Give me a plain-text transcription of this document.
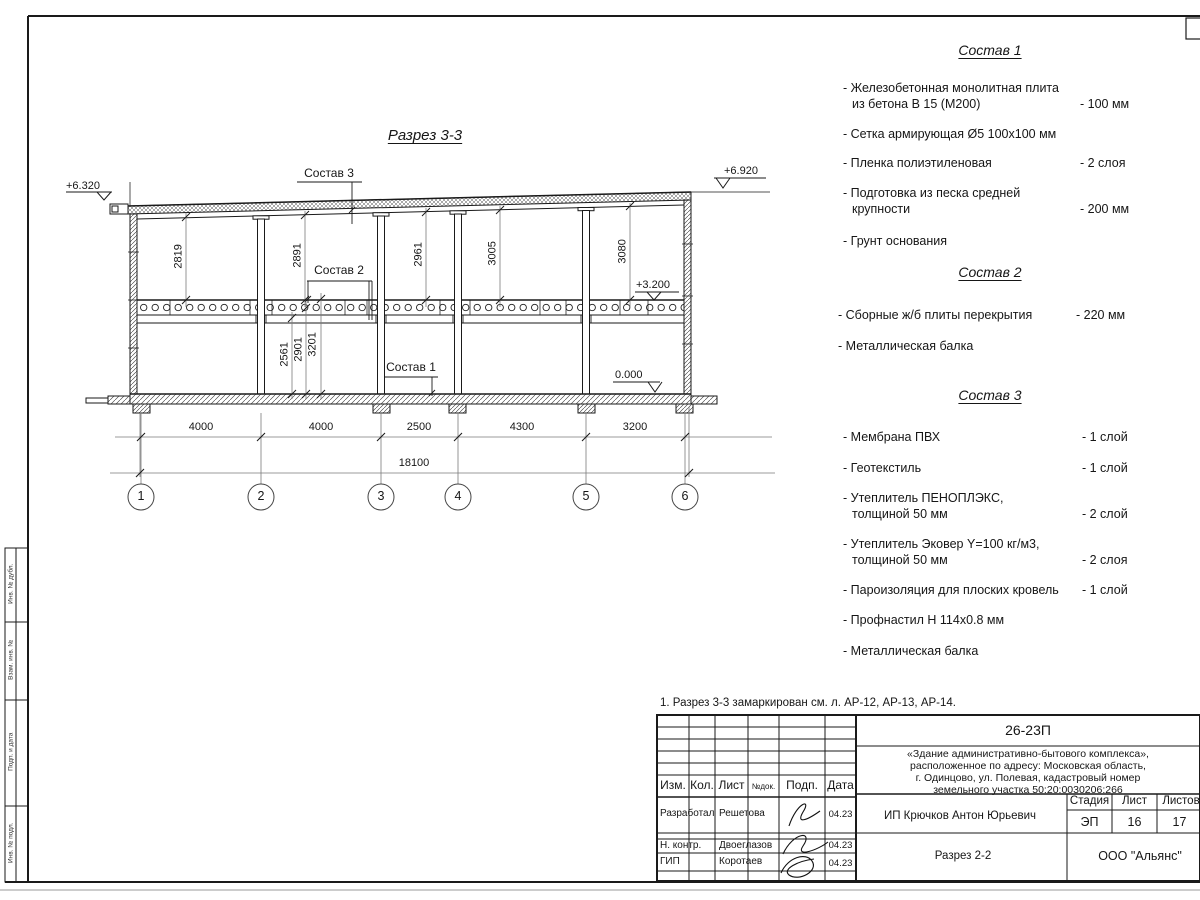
Разрез 3-3
+6.320
+6.920
+3.200
0.000
Состав 3
Состав 2
Состав 1
2819	2891	2961	3005	3080
2561 2901 3201
4000	4000	2500	4300	3200
18100
1	2	3	4	5	6
Состав 1
- Железобетонная монолитная плита
из бетона В 15 (М200)	- 100 мм
- Сетка армирующая Ø5 100х100 мм
- Пленка полиэтиленовая	- 2 слоя
- Подготовка из песка средней
крупности	- 200 мм
- Грунт основания
Состав 2
- Сборные ж/б плиты перекрытия	- 220 мм
- Металлическая балка
Состав 3
- Мембрана ПВХ	- 1 слой
- Геотекстиль	- 1 слой
- Утеплитель ПЕНОПЛЭКС,
толщиной 50 мм	- 2 слой
- Утеплитель Эковер Y=100 кг/м3,
толщиной 50 мм	- 2 слоя
- Пароизоляция для плоских кровель - 1 слой
- Профнастил Н 114х0.8 мм
- Металлическая балка
1. Разрез 3-3 замаркирован см. л. АР-12, АР-13, АР-14.
Изм. Кол. Лист №док. Подп. Дата
Разработал Решетова	04.23
Н. контр. Двоеглазов	04.23
ГИП	Коротаев	04.23
26-23П
«Здание административно-бытового комплекса»,
расположенное по адресу: Московская область,
г. Одинцово, ул. Полевая, кадастровый номер
земельного участка 50:20:0030206:266
ИП Крючков Антон Юрьевич
Стадия	Лист	Листов
ЭП	16	17
Разрез 2-2	ООО "Альянс"
Инв. № дубл.
Взам. инв. №
Подп. и дата
Инв. № подл.
